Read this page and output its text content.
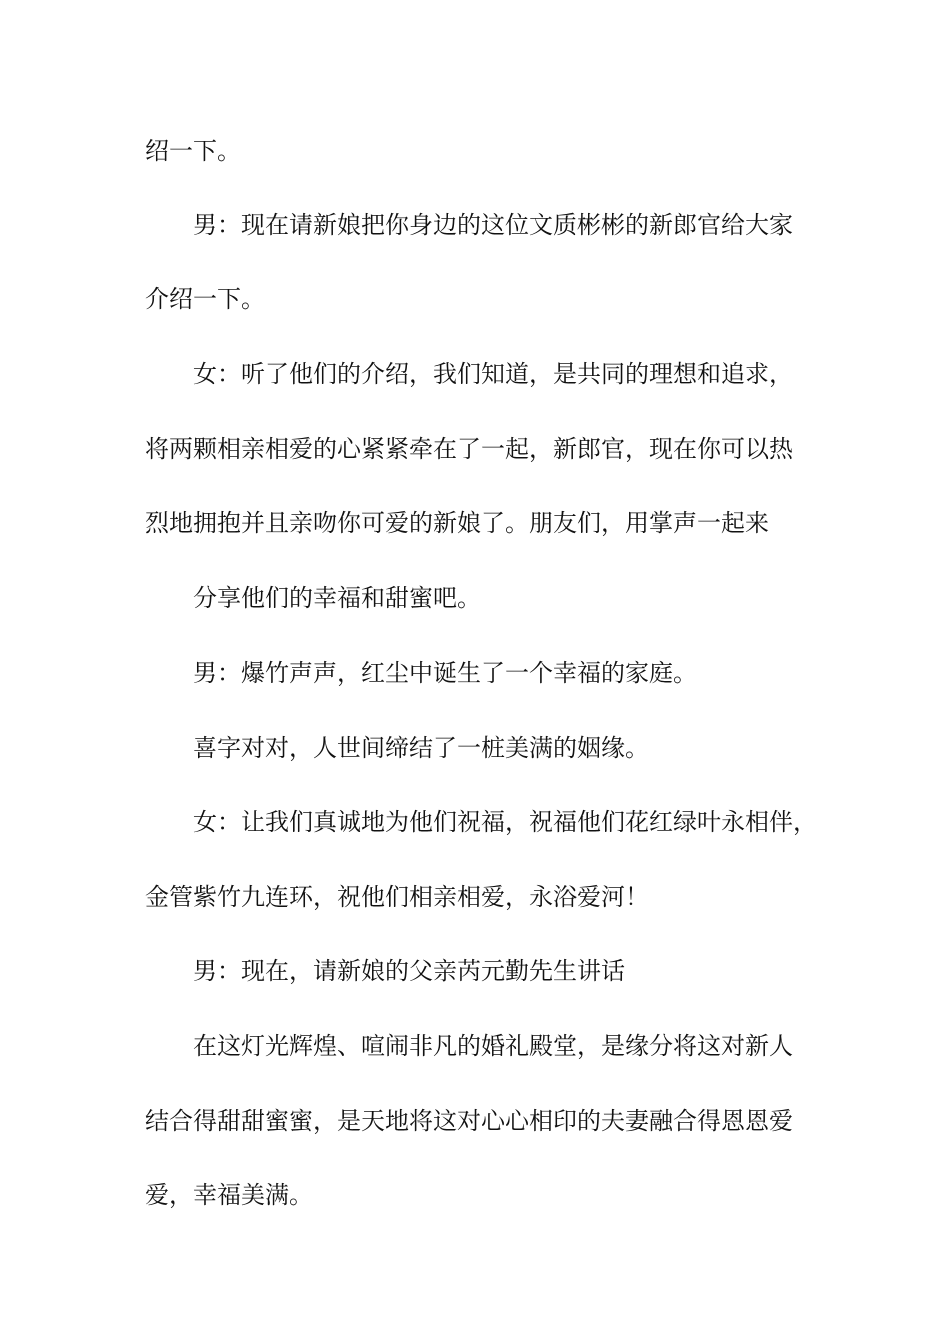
绍一下。
男：现在请新娘把你身边的这位文质彬彬的新郎官给大家
介绍一下。
女：听了他们的介绍，我们知道，是共同的理想和追求，
将两颗相亲相爱的心紧紧牵在了一起，新郎官，现在你可以热
烈地拥抱并且亲吻你可爱的新娘了。朋友们，用掌声一起来
分享他们的幸福和甜蜜吧。
男：爆竹声声，红尘中诞生了一个幸福的家庭。
喜字对对，人世间缔结了一桩美满的姻缘。
女：让我们真诚地为他们祝福，祝福他们花红绿叶永相伴，
金管紫竹九连环，祝他们相亲相爱，永浴爱河！
男：现在，请新娘的父亲芮元勤先生讲话
在这灯光辉煌、喧闹非凡的婚礼殿堂，是缘分将这对新人
结合得甜甜蜜蜜，是天地将这对心心相印的夫妻融合得恩恩爱
爱，幸福美满。
